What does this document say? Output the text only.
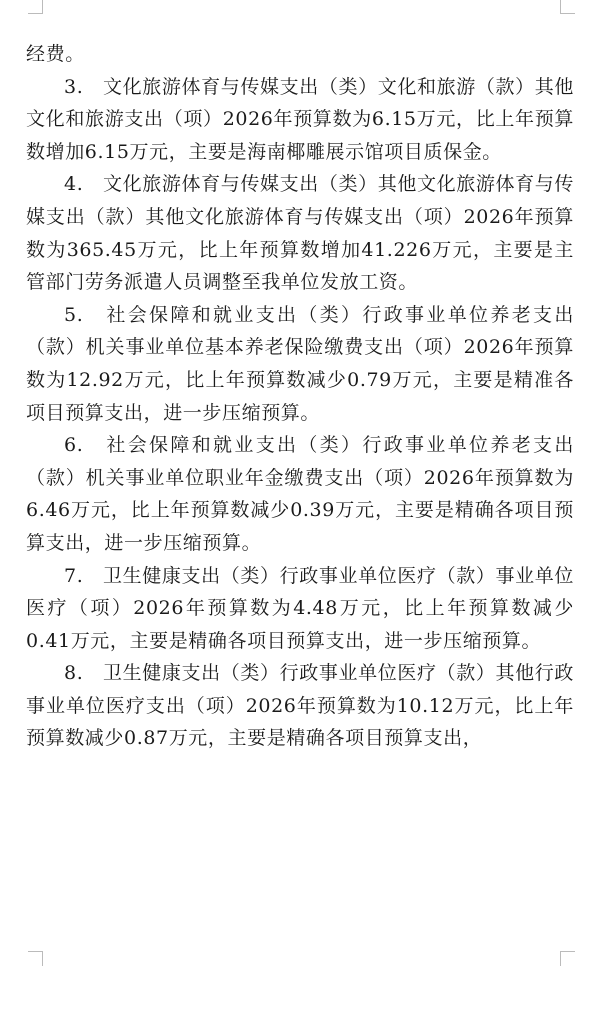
经费。

3.　文化旅游体育与传媒支出（类）文化和旅游（款）其他文化和旅游支出（项）2026年预算数为6.15万元，比上年预算数增加6.15万元，主要是海南椰雕展示馆项目质保金。

4.　文化旅游体育与传媒支出（类）其他文化旅游体育与传媒支出（款）其他文化旅游体育与传媒支出（项）2026年预算数为365.45万元，比上年预算数增加41.226万元，主要是主管部门劳务派遣人员调整至我单位发放工资。

5.　社会保障和就业支出（类）行政事业单位养老支出（款）机关事业单位基本养老保险缴费支出（项）2026年预算数为12.92万元，比上年预算数减少0.79万元，主要是精准各项目预算支出，进一步压缩预算。

6.　社会保障和就业支出（类）行政事业单位养老支出（款）机关事业单位职业年金缴费支出（项）2026年预算数为6.46万元，比上年预算数减少0.39万元，主要是精确各项目预算支出，进一步压缩预算。

7.　卫生健康支出（类）行政事业单位医疗（款）事业单位医疗（项）2026年预算数为4.48万元，比上年预算数减少0.41万元，主要是精确各项目预算支出，进一步压缩预算。

8.　卫生健康支出（类）行政事业单位医疗（款）其他行政事业单位医疗支出（项）2026年预算数为10.12万元，比上年预算数减少0.87万元，主要是精确各项目预算支出，
